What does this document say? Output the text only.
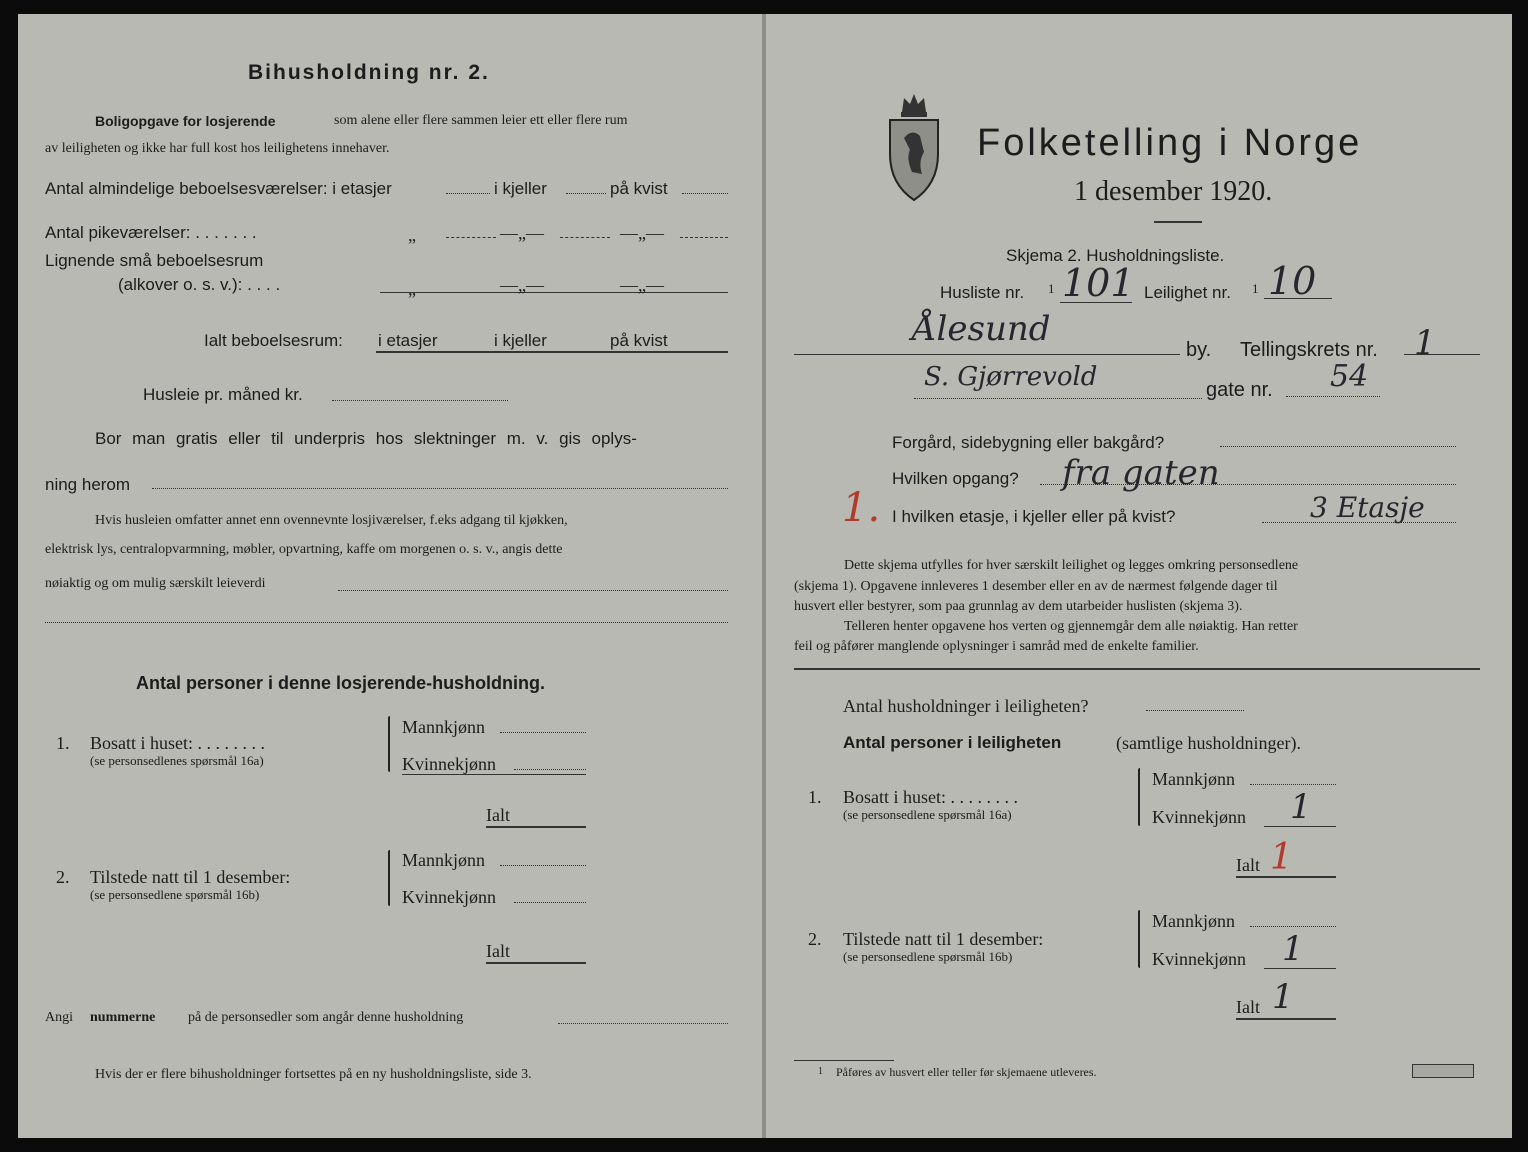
Bihusholdning nr. 2.
Boligopgave for losjerende	som alene eller flere sammen leier ett eller flere rum
av leiligheten og ikke har full kost hos leilighetens innehaver.
Antal almindelige beboelsesværelser: i etasjer	i kjeller	på kvist
Antal pikeværelser: . . . . . . .	„	—„—	—„—
Lignende små beboelsesrum
(alkover o. s. v.): . . . .	„	—„—	—„—
Ialt beboelsesrum: i etasjer	i kjeller	på kvist
Husleie pr. måned kr.
Bor man gratis eller til underpris hos slektninger m. v. gis oplys-
ning herom
Hvis husleien omfatter annet enn ovennevnte losjiværelser, f.eks adgang til kjøkken,
elektrisk lys, centralopvarmning, møbler, opvartning, kaffe om morgenen o. s. v., angis dette
nøiaktig og om mulig særskilt leieverdi
Antal personer i denne losjerende-husholdning.
1. Bosatt i huset: . . . . . . . .
(se personsedlenes spørsmål 16a)
Mannkjønn
Kvinnekjønn
Ialt
2. Tilstede natt til 1 desember:
(se personsedlene spørsmål 16b)
Mannkjønn
Kvinnekjønn
Ialt
Angi nummerne på de personsedler som angår denne husholdning
Hvis der er flere bihusholdninger fortsettes på en ny husholdningsliste, side 3.
Folketelling i Norge
1 desember 1920.
Skjema 2. Husholdningsliste.
Husliste nr. 1 101 Leilighet nr. 1 10
Ålesund
by. Tellingskrets nr. 1
S. Gjørrevold	gate nr. 54
Forgård, sidebygning eller bakgård?
Hvilken opgang? fra gaten
1. I hvilken etasje, i kjeller eller på kvist?	3 Etasje
Dette skjema utfylles for hver særskilt leilighet og legges omkring personsedlene
(skjema 1). Opgavene innleveres 1 desember eller en av de nærmest følgende dager til
husvert eller bestyrer, som paa grunnlag av dem utarbeider huslisten (skjema 3).
Telleren henter opgavene hos verten og gjennemgår dem alle nøiaktig. Han retter
feil og påfører manglende oplysninger i samråd med de enkelte familier.
Antal husholdninger i leiligheten?
Antal personer i leiligheten	(samtlige husholdninger).
1. Bosatt i huset: . . . . . . . .
(se personsedlene spørsmål 16a)
Mannkjønn
Kvinnekjønn 1
Ialt 1
2. Tilstede natt til 1 desember:
(se personsedlene spørsmål 16b)
Mannkjønn
Kvinnekjønn 1
Ialt 1
1 Påføres av husvert eller teller før skjemaene utleveres.
